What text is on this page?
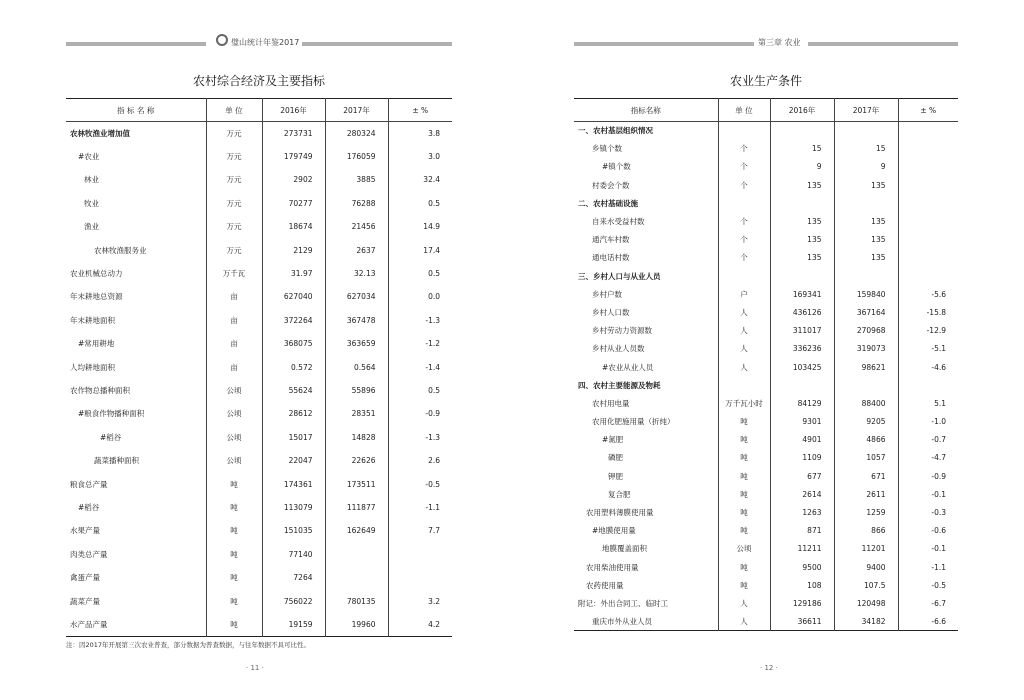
璧山统计年鉴2017
农村综合经济及主要指标
指 标 名 称	单 位	2016年	2017年	± %
农林牧渔业增加值	万元	273731	280324	3.8
#农业	万元	179749	176059	3.0
林业	万元	2902	3885	32.4
牧业	万元	70277	76288	0.5
渔业	万元	18674	21456	14.9
农林牧渔服务业	万元	2129	2637	17.4
农业机械总动力	万千瓦	31.97	32.13	0.5
年末耕地总资源	亩	627040	627034	0.0
年末耕地面积	亩	372264	367478	-1.3
#常用耕地	亩	368075	363659	-1.2
人均耕地面积	亩	0.572	0.564	-1.4
农作物总播种面积	公顷	55624	55896	0.5
#粮食作物播种面积	公顷	28612	28351	-0.9
#稻谷	公顷	15017	14828	-1.3
蔬菜播种面积	公顷	22047	22626	2.6
粮食总产量	吨	174361	173511	-0.5
#稻谷	吨	113079	111877	-1.1
水果产量	吨	151035	162649	7.7
肉类总产量	吨	77140		
禽蛋产量	吨	7264		
蔬菜产量	吨	756022	780135	3.2
水产品产量	吨	19159	19960	4.2
注：因2017年开展第三次农业普查，部分数据为普查数据，与往年数据不具可比性。
· 11 ·
第三章 农业
农业生产条件
指标名称	单 位	2016年	2017年	± %
一、农村基层组织情况				
乡镇个数	个	15	15	
#镇个数	个	9	9	
村委会个数	个	135	135	
二、农村基础设施				
自来水受益村数	个	135	135	
通汽车村数	个	135	135	
通电话村数	个	135	135	
三、乡村人口与从业人员				
乡村户数	户	169341	159840	-5.6
乡村人口数	人	436126	367164	-15.8
乡村劳动力资源数	人	311017	270968	-12.9
乡村从业人员数	人	336236	319073	-5.1
#农业从业人员	人	103425	98621	-4.6
四、农村主要能源及物耗				
农村用电量	万千瓦小时	84129	88400	5.1
农用化肥施用量（折纯）	吨	9301	9205	-1.0
#氮肥	吨	4901	4866	-0.7
磷肥	吨	1109	1057	-4.7
钾肥	吨	677	671	-0.9
复合肥	吨	2614	2611	-0.1
农用塑料薄膜使用量	吨	1263	1259	-0.3
#地膜使用量	吨	871	866	-0.6
地膜覆盖面积	公顷	11211	11201	-0.1
农用柴油使用量	吨	9500	9400	-1.1
农药使用量	吨	108	107.5	-0.5
附记：外出合同工、临时工	人	129186	120498	-6.7
重庆市外从业人员	人	36611	34182	-6.6
· 12 ·
